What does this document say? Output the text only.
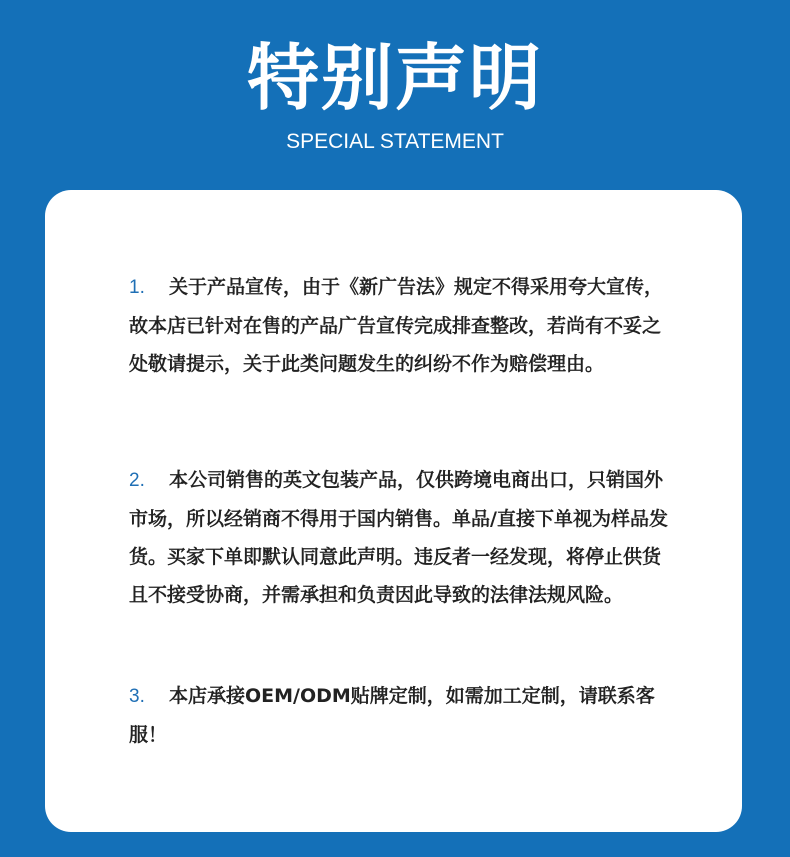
特别声明
SPECIAL STATEMENT
1. 关于产品宣传，由于《新广告法》规定不得采用夸大宣传，故本店已针对在售的产品广告宣传完成排查整改，若尚有不妥之处敬请提示，关于此类问题发生的纠纷不作为赔偿理由。
2. 本公司销售的英文包装产品，仅供跨境电商出口，只销国外市场，所以经销商不得用于国内销售。单品/直接下单视为样品发货。买家下单即默认同意此声明。违反者一经发现，将停止供货且不接受协商，并需承担和负责因此导致的法律法规风险。
3. 本店承接OEM/ODM贴牌定制，如需加工定制，请联系客服！
